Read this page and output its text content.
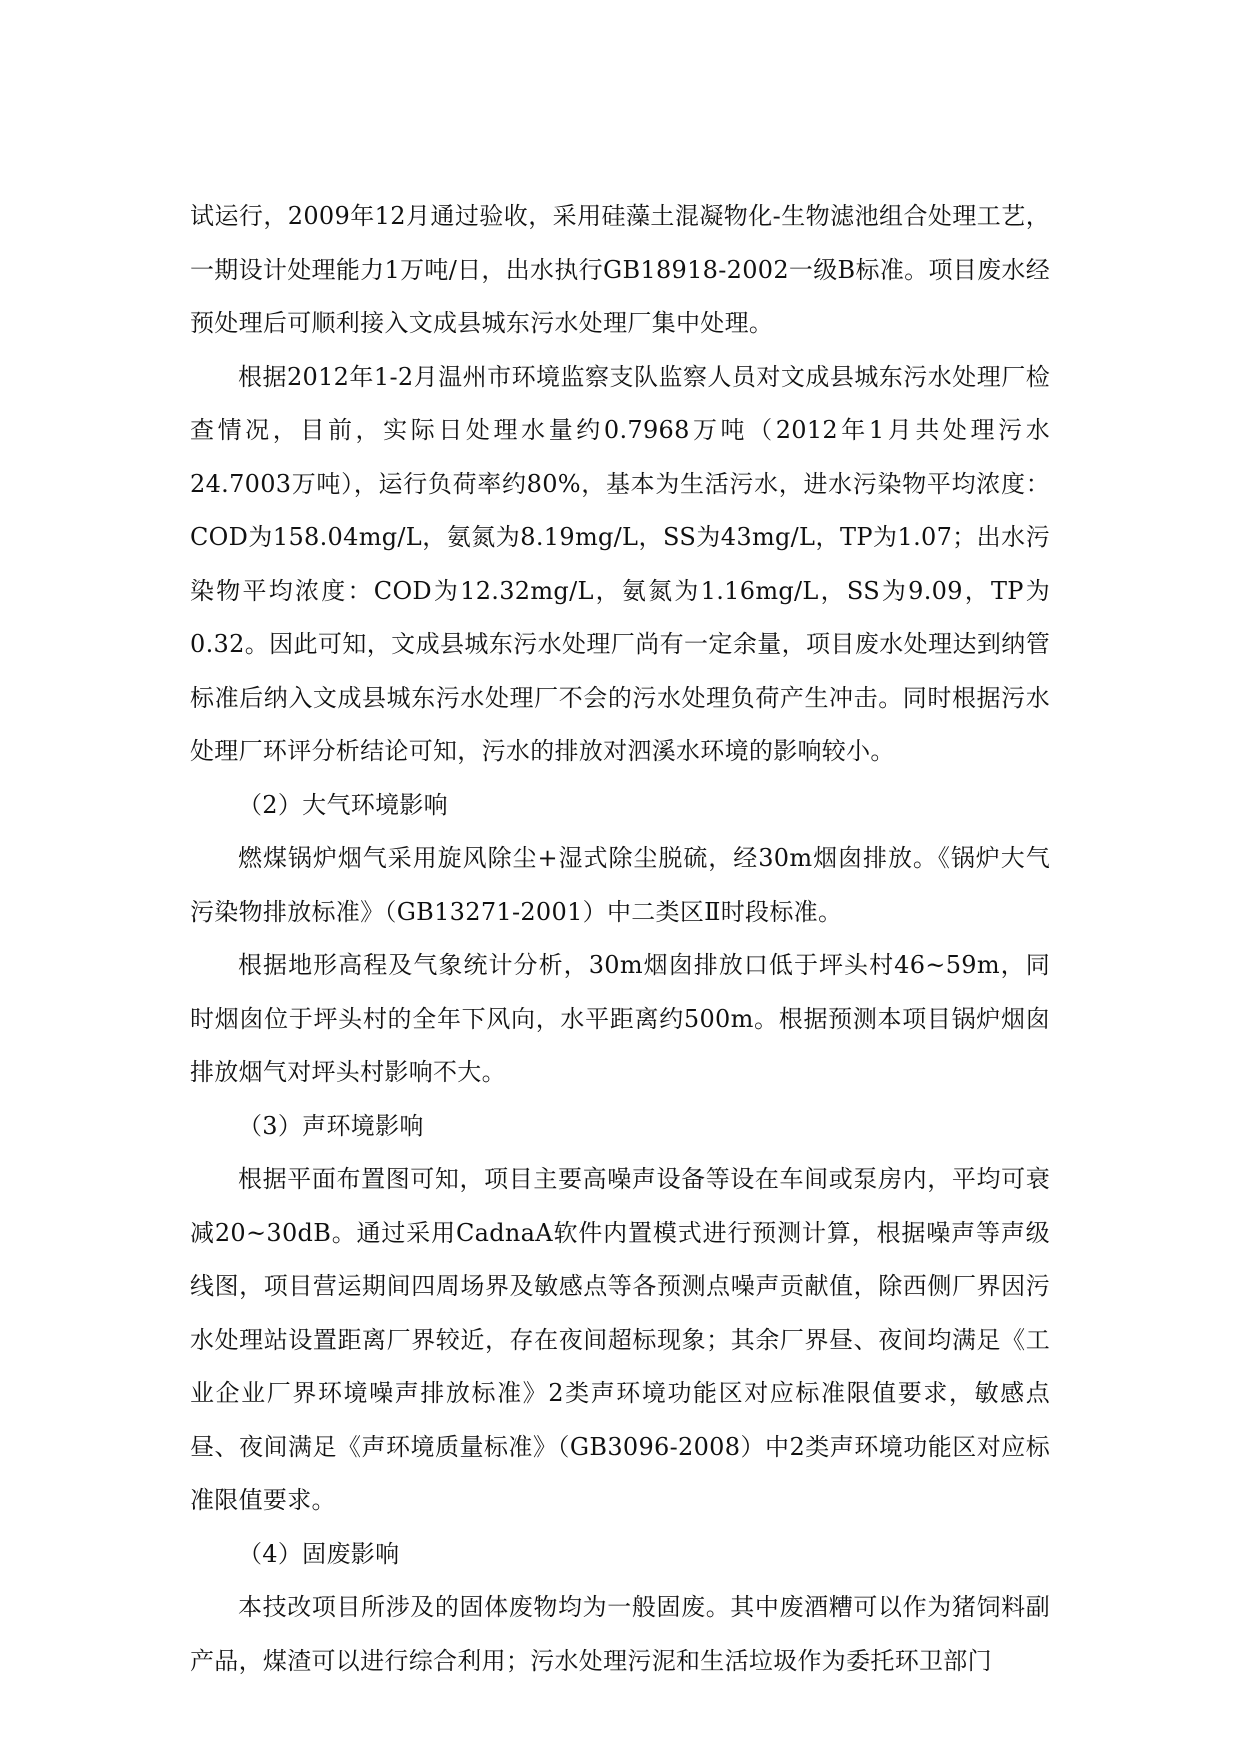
试运行，2009年12月通过验收，采用硅藻土混凝物化-生物滤池组合处理工艺，一期设计处理能力1万吨/日，出水执行GB18918-2002一级B标准。项目废水经预处理后可顺利接入文成县城东污水处理厂集中处理。

根据2012年1-2月温州市环境监察支队监察人员对文成县城东污水处理厂检查情况，目前，实际日处理水量约0.7968万吨（2012年1月共处理污水24.7003万吨），运行负荷率约80%，基本为生活污水，进水污染物平均浓度：COD为158.04mg/L，氨氮为8.19mg/L，SS为43mg/L，TP为1.07；出水污染物平均浓度：COD为12.32mg/L，氨氮为1.16mg/L，SS为9.09，TP为0.32。因此可知，文成县城东污水处理厂尚有一定余量，项目废水处理达到纳管标准后纳入文成县城东污水处理厂不会的污水处理负荷产生冲击。同时根据污水处理厂环评分析结论可知，污水的排放对泗溪水环境的影响较小。

（2）大气环境影响

燃煤锅炉烟气采用旋风除尘+湿式除尘脱硫，经30m烟囱排放。《锅炉大气污染物排放标准》（GB13271-2001）中二类区Ⅱ时段标准。

根据地形高程及气象统计分析，30m烟囱排放口低于坪头村46~59m，同时烟囱位于坪头村的全年下风向，水平距离约500m。根据预测本项目锅炉烟囱排放烟气对坪头村影响不大。

（3）声环境影响

根据平面布置图可知，项目主要高噪声设备等设在车间或泵房内，平均可衰减20~30dB。通过采用CadnaA软件内置模式进行预测计算，根据噪声等声级线图，项目营运期间四周场界及敏感点等各预测点噪声贡献值，除西侧厂界因污水处理站设置距离厂界较近，存在夜间超标现象；其余厂界昼、夜间均满足《工业企业厂界环境噪声排放标准》2类声环境功能区对应标准限值要求，敏感点昼、夜间满足《声环境质量标准》（GB3096-2008）中2类声环境功能区对应标准限值要求。

（4）固废影响

本技改项目所涉及的固体废物均为一般固废。其中废酒糟可以作为猪饲料副产品，煤渣可以进行综合利用；污水处理污泥和生活垃圾作为委托环卫部门
